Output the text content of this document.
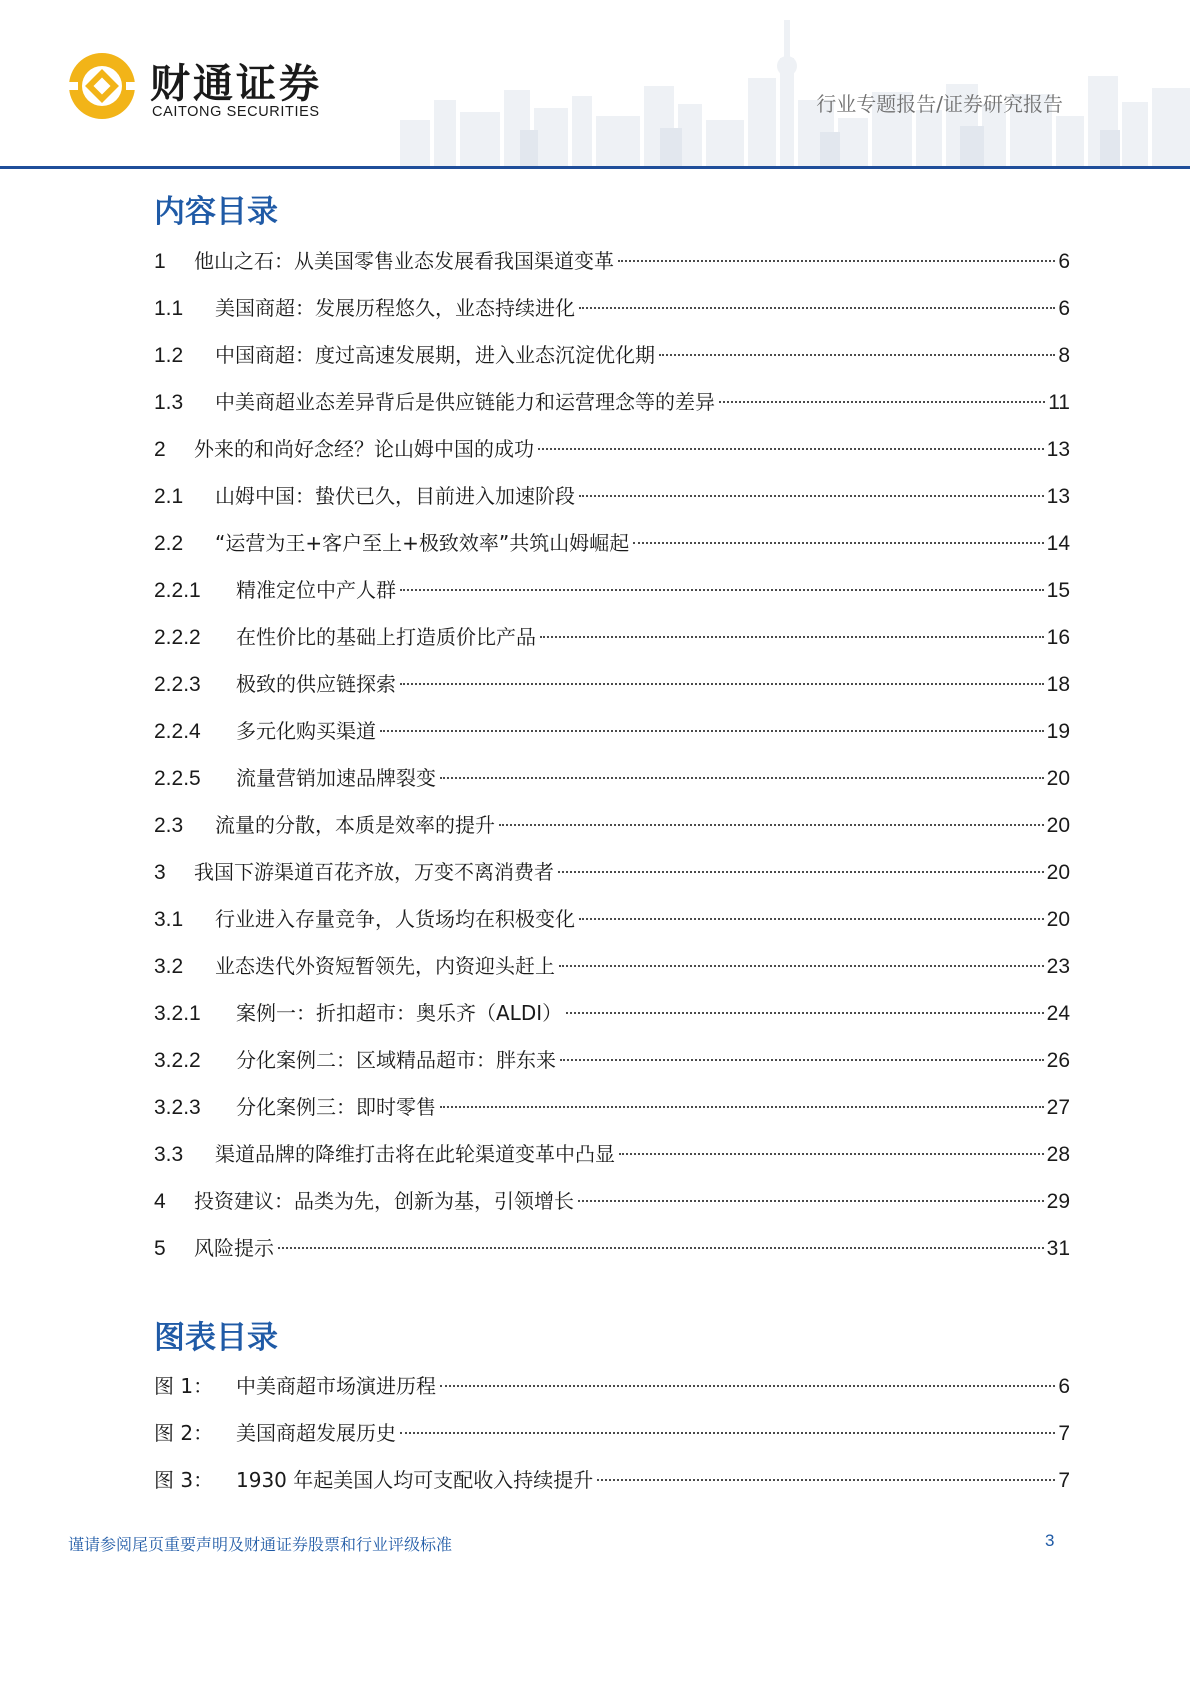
财通证券
CAITONG SECURITIES	行业专题报告/证券研究报告
内容目录
1	他山之石：从美国零售业态发展看我国渠道变革	6
1.1	美国商超：发展历程悠久，业态持续进化	6
1.2	中国商超：度过高速发展期，进入业态沉淀优化期	8
1.3	中美商超业态差异背后是供应链能力和运营理念等的差异	11
2	外来的和尚好念经？论山姆中国的成功	13
2.1	山姆中国：蛰伏已久，目前进入加速阶段	13
2.2	“运营为王+客户至上+极致效率”共筑山姆崛起	14
2.2.1	精准定位中产人群	15
2.2.2	在性价比的基础上打造质价比产品	16
2.2.3	极致的供应链探索	18
2.2.4	多元化购买渠道	19
2.2.5	流量营销加速品牌裂变	20
2.3	流量的分散，本质是效率的提升	20
3	我国下游渠道百花齐放，万变不离消费者	20
3.1	行业进入存量竞争，人货场均在积极变化	20
3.2	业态迭代外资短暂领先，内资迎头赶上	23
3.2.1	案例一：折扣超市：奥乐齐（ALDI）	24
3.2.2	分化案例二：区域精品超市：胖东来	26
3.2.3	分化案例三：即时零售	27
3.3	渠道品牌的降维打击将在此轮渠道变革中凸显	28
4	投资建议：品类为先，创新为基，引领增长	29
5	风险提示	31
图表目录
图 1：	中美商超市场演进历程	6
图 2：	美国商超发展历史	7
图 3：	1930 年起美国人均可支配收入持续提升	7
谨请参阅尾页重要声明及财通证券股票和行业评级标准	3
